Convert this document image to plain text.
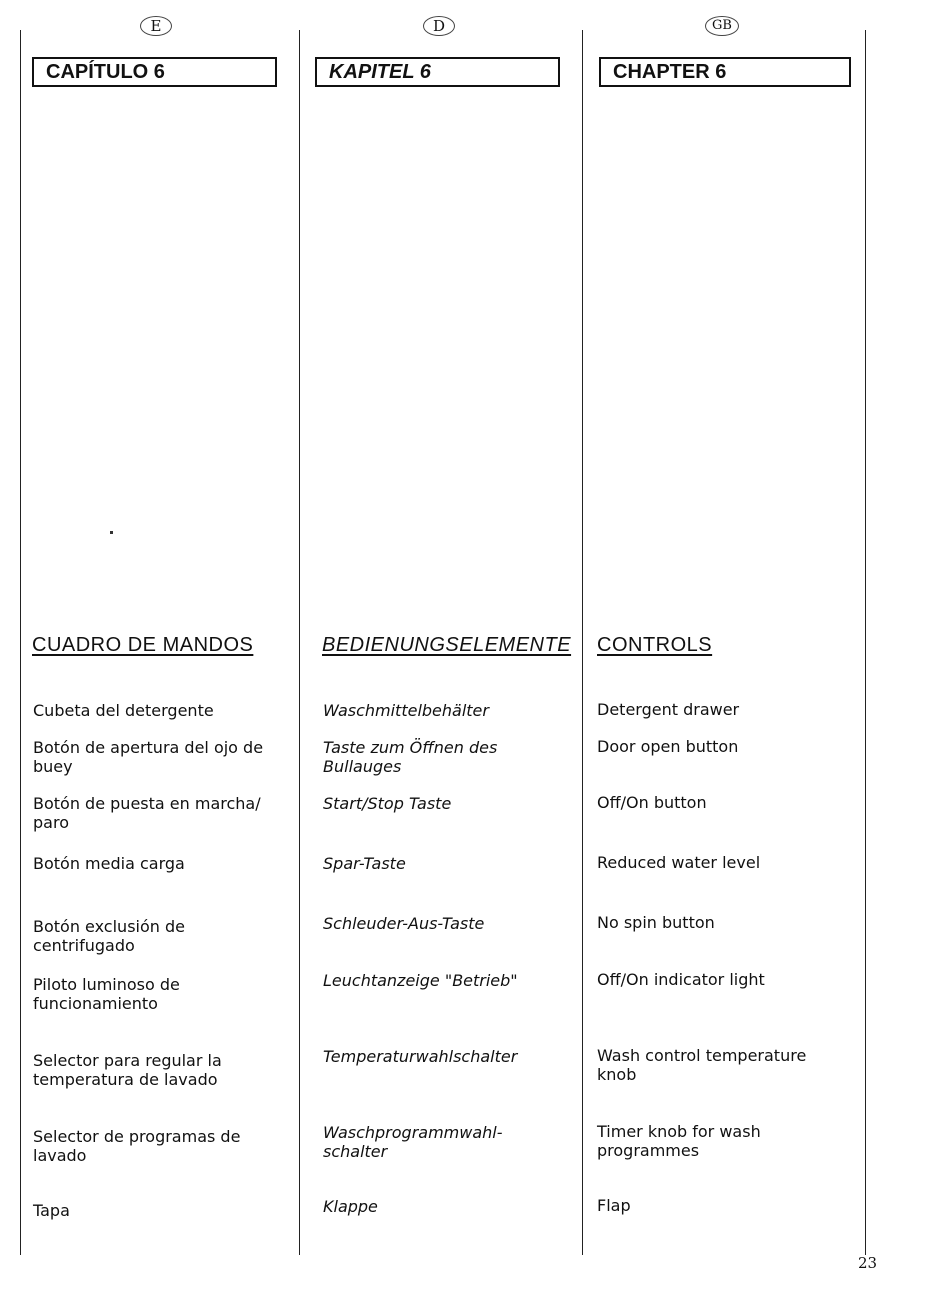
E
CAPÍTULO 6
CUADRO DE MANDOS
Cubeta del detergente
Botón de apertura del ojo de buey
Botón de puesta en marcha/ paro
Botón media carga
Botón exclusión de centrifugado
Piloto luminoso de funcionamiento
Selector para regular la temperatura de lavado
Selector de programas de lavado
Tapa
D
KAPITEL 6
BEDIENUNGSELEMENTE
Waschmittelbehälter
Taste zum Öffnen des Bullauges
Start/Stop Taste
Spar-Taste
Schleuder-Aus-Taste
Leuchtanzeige "Betrieb"
Temperaturwahlschalter
Waschprogrammwahl- schalter
Klappe
GB
CHAPTER 6
CONTROLS
Detergent drawer
Door open button
Off/On button
Reduced water level
No spin button
Off/On indicator light
Wash control temperature knob
Timer knob for wash programmes
Flap
23
